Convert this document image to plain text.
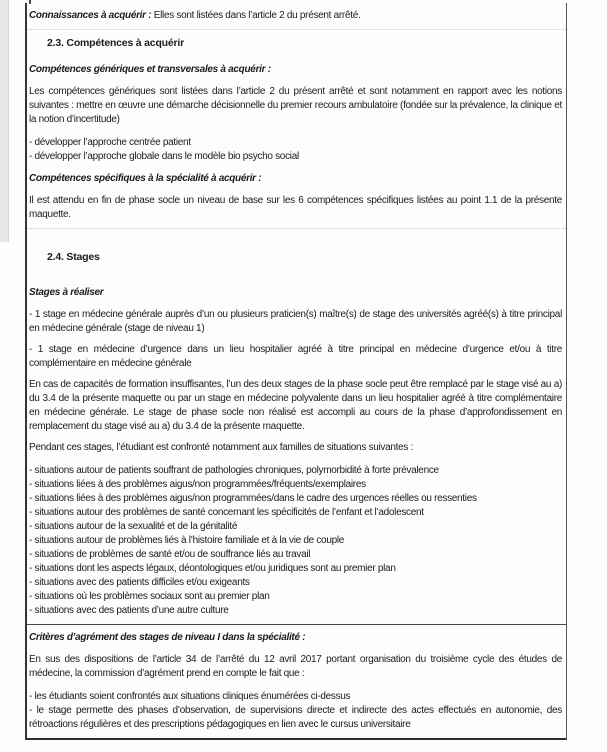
Connaissances à acquérir : Elles sont listées dans l’article 2 du présent arrêté.

2.3. Compétences à acquérir
Compétences génériques et transversales à acquérir :

Les compétences génériques sont listées dans l’article 2 du présent arrêté et sont notamment en rapport avec les notions suivantes : mettre en œuvre une démarche décisionnelle du premier recours ambulatoire (fondée sur la prévalence, la clinique et la notion d’incertitude)

- développer l’approche centrée patient

- développer l’approche globale dans le modèle bio psycho social

Compétences spécifiques à la spécialité à acquérir :

Il est attendu en fin de phase socle un niveau de base sur les 6 compétences spécifiques listées au point 1.1 de la présente maquette.

2.4. Stages
Stages à réaliser

- 1 stage en médecine générale auprès d’un ou plusieurs praticien(s) maître(s) de stage des universités agréé(s) à titre principal en médecine générale (stage de niveau 1)

- 1 stage en médecine d’urgence dans un lieu hospitalier agréé à titre principal en médecine d’urgence et/ou à titre complémentaire en médecine générale

En cas de capacités de formation insuffisantes, l’un des deux stages de la phase socle peut être remplacé par le stage visé au a) du 3.4 de la présente maquette ou par un stage en médecine polyvalente dans un lieu hospitalier agréé à titre complémentaire en médecine générale. Le stage de phase socle non réalisé est accompli au cours de la phase d’approfondissement en remplacement du stage visé au a) du 3.4 de la présente maquette.

Pendant ces stages, l’étudiant est confronté notamment aux familles de situations suivantes :

- situations autour de patients souffrant de pathologies chroniques, polymorbidité à forte prévalence

- situations liées à des problèmes aigus/non programmées/fréquents/exemplaires

- situations liées à des problèmes aigus/non programmées/dans le cadre des urgences réelles ou ressenties

- situations autour des problèmes de santé concernant les spécificités de l’enfant et l’adolescent

- situations autour de la sexualité et de la génitalité

- situations autour de problèmes liés à l’histoire familiale et à la vie de couple

- situations de problèmes de santé et/ou de souffrance liés au travail

- situations dont les aspects légaux, déontologiques et/ou juridiques sont au premier plan

- situations avec des patients difficiles et/ou exigeants

- situations où les problèmes sociaux sont au premier plan

- situations avec des patients d’une autre culture

Critères d’agrément des stages de niveau I dans la spécialité :

En sus des dispositions de l’article 34 de l’arrêté du 12 avril 2017 portant organisation du troisième cycle des études de médecine, la commission d’agrément prend en compte le fait que :

- les étudiants soient confrontés aux situations cliniques énumérées ci-dessus

- le stage permette des phases d’observation, de supervisions directe et indirecte des actes effectués en autonomie, des rétroactions régulières et des prescriptions pédagogiques en lien avec le cursus universitaire
